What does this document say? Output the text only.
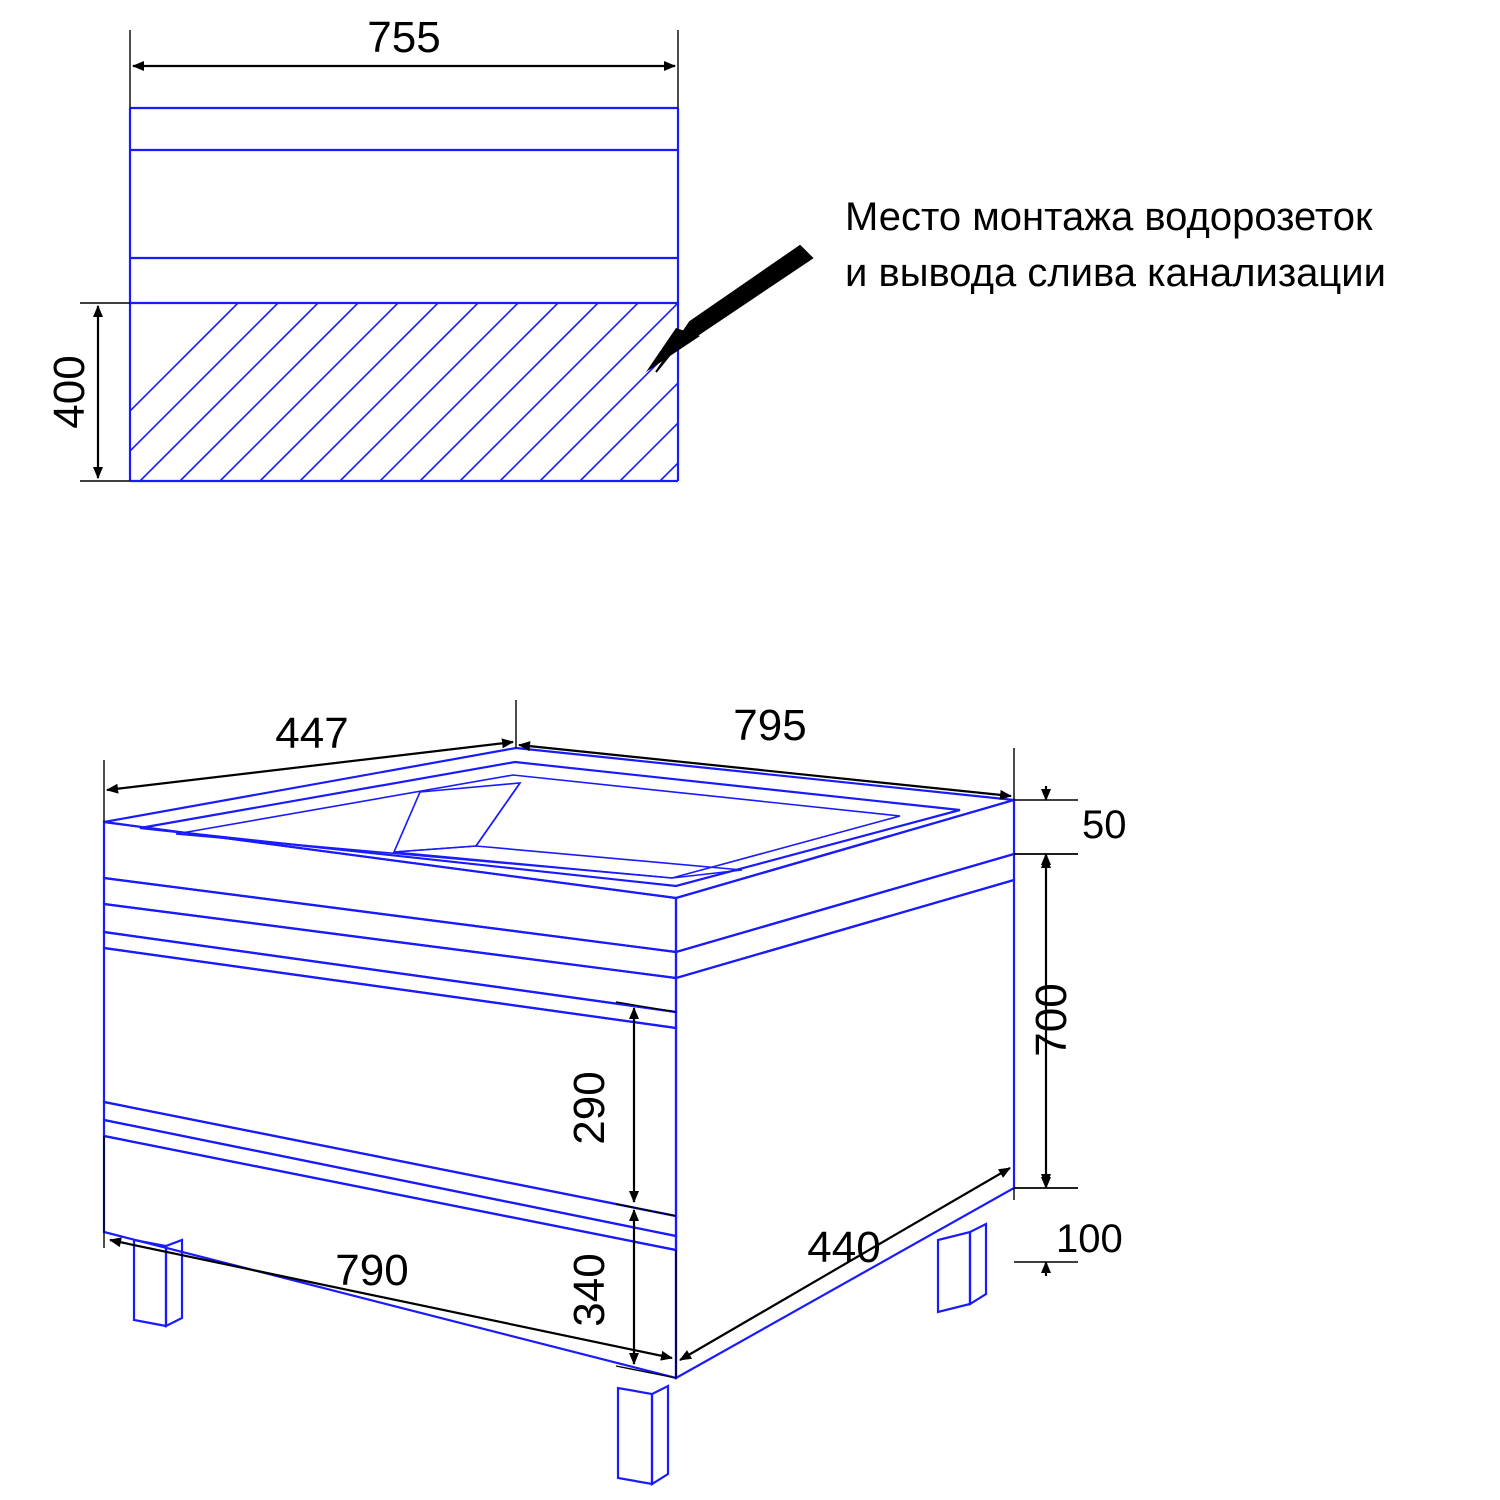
755
400
Место монтажа водорозеток
и вывода слива канализации
447	795
50
700
100
290
340
790	440
